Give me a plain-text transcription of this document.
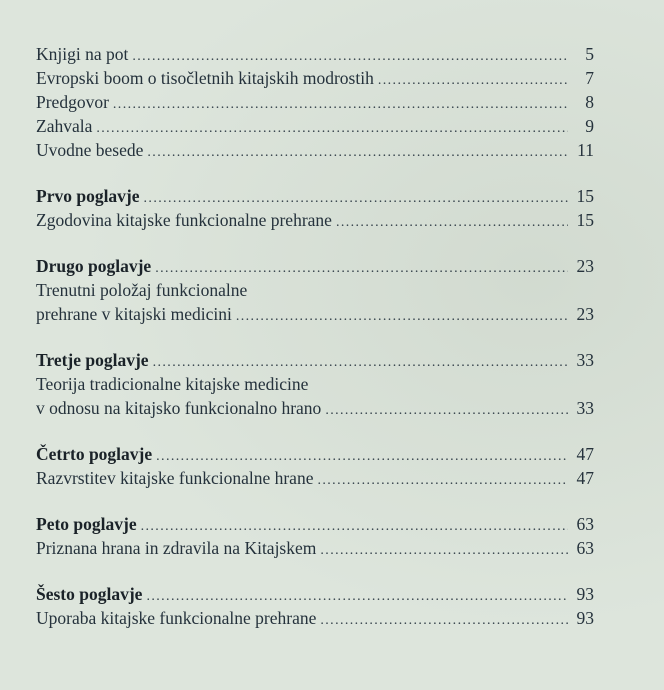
Knjigi na pot .....	5
Evropski boom o tisočletnih kitajskih modrostih .....	7
Predgovor .....	8
Zahvala .....	9
Uvodne besede .....	11
Prvo poglavje .....	15
Zgodovina kitajske funkcionalne prehrane .....	15
Drugo poglavje .....	23
Trenutni položaj funkcionalne
prehrane v kitajski medicini .....	23
Tretje poglavje .....	33
Teorija tradicionalne kitajske medicine
v odnosu na kitajsko funkcionalno hrano .....	33
Četrto poglavje .....	47
Razvrstitev kitajske funkcionalne hrane .....	47
Peto poglavje .....	63
Priznana hrana in zdravila na Kitajskem .....	63
Šesto poglavje .....	93
Uporaba kitajske funkcionalne prehrane .....	93
